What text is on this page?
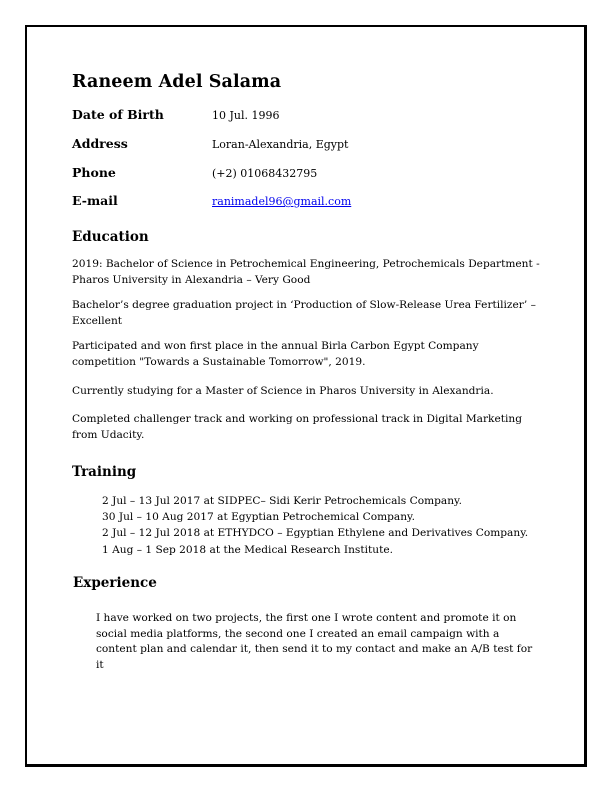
Raneem Adel Salama
Date of Birth	10 Jul. 1996
Address	Loran-Alexandria, Egypt
Phone	(+2) 01068432795
E-mail	ranimadel96@gmail.com
Education
2019: Bachelor of Science in Petrochemical Engineering, Petrochemicals Department - Pharos University in Alexandria – Very Good
Bachelor’s degree graduation project in ‘Production of Slow-Release Urea Fertilizer’ – Excellent
Participated and won first place in the annual Birla Carbon Egypt Company competition "Towards a Sustainable Tomorrow", 2019.
Currently studying for a Master of Science in Pharos University in Alexandria.
Completed challenger track and working on professional track in Digital Marketing from Udacity.
Training
2 Jul – 13 Jul 2017 at SIDPEC– Sidi Kerir Petrochemicals Company.
30 Jul – 10 Aug 2017 at Egyptian Petrochemical Company.
2 Jul – 12 Jul 2018 at ETHYDCO – Egyptian Ethylene and Derivatives Company.
1 Aug – 1 Sep 2018 at the Medical Research Institute.
Experience
I have worked on two projects, the first one I wrote content and promote it on social media platforms, the second one I created an email campaign with a content plan and calendar it, then send it to my contact and make an A/B test for it
